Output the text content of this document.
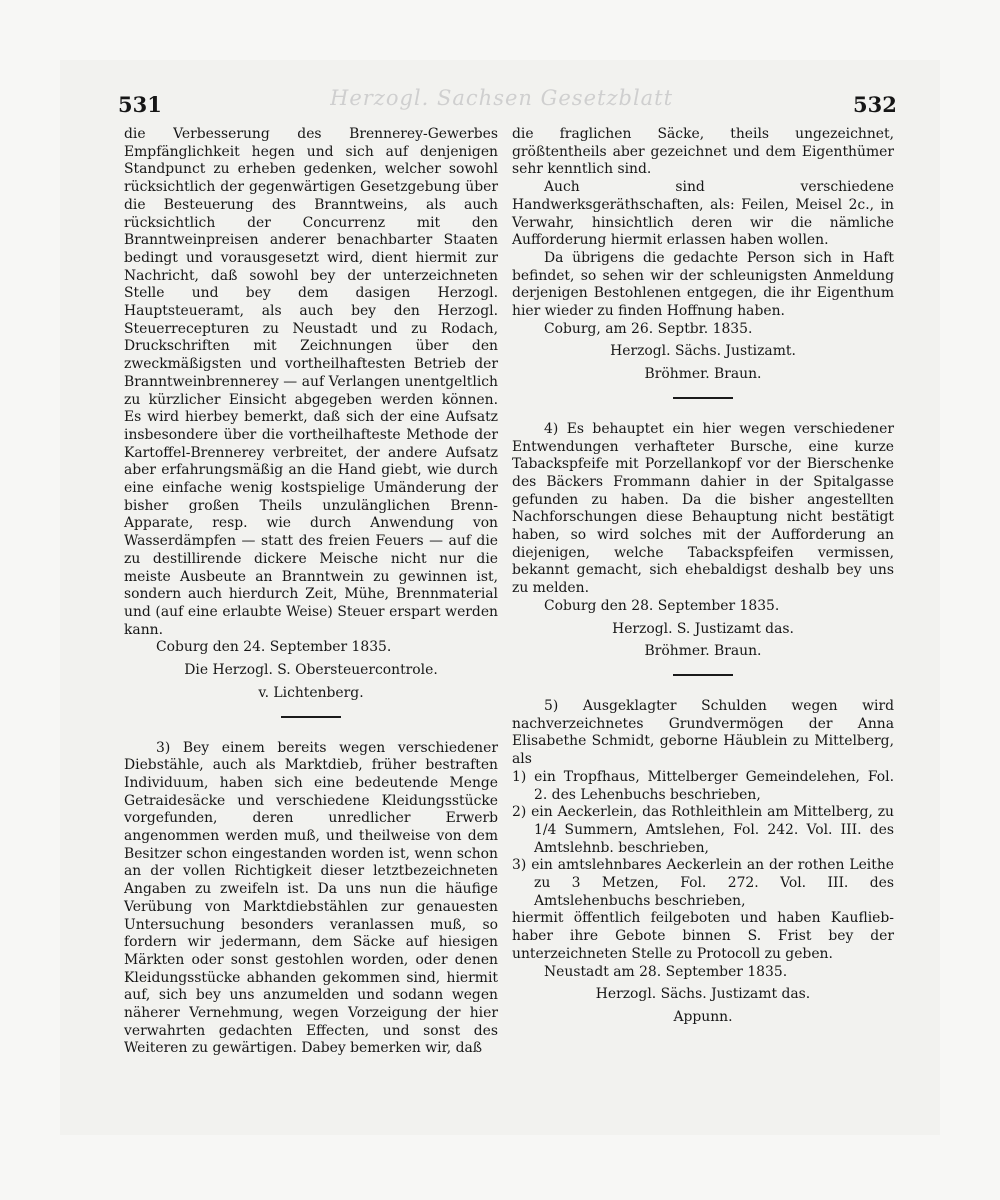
531	Herzogl. Sachsen Gesetzblatt	532

die Verbesserung des Brennerey-Gewerbes Empfänglichkeit hegen und sich auf denjenigen Standpunct zu erheben gedenken, welcher sowohl rücksichtlich der gegenwärtigen Gesetzgebung über die Besteuerung des Branntweins, als auch rücksichtlich der Concurrenz mit den Branntweinpreisen anderer benachbarter Staaten bedingt und vorausgesetzt wird, dient hiermit zur Nachricht, daß sowohl bey der unterzeichneten Stelle und bey dem dasigen Herzogl. Hauptsteueramt, als auch bey den Herzogl. Steuerrecepturen zu Neustadt und zu Rodach, Druckschriften mit Zeichnungen über den zweckmäßigsten und vortheilhaftesten Betrieb der Branntweinbrennerey — auf Verlangen unentgeltlich zu kürzlicher Einsicht abgegeben werden können. Es wird hierbey bemerkt, daß sich der eine Aufsatz insbesondere über die vortheilhafteste Methode der Kartoffel-Brennerey verbreitet, der andere Aufsatz aber erfahrungsmäßig an die Hand giebt, wie durch eine einfache wenig kostspielige Umänderung der bisher großen Theils unzulänglichen Brenn-Apparate, resp. wie durch Anwendung von Wasserdämpfen — statt des freien Feuers — auf die zu destillirende dickere Meische nicht nur die meiste Ausbeute an Branntwein zu gewinnen ist, sondern auch hierdurch Zeit, Mühe, Brennmaterial und (auf eine erlaubte Weise) Steuer erspart werden kann.

Coburg den 24. September 1835.

Die Herzogl. S. Obersteuercontrole.

v. Lichtenberg.

3) Bey einem bereits wegen verschiedener Diebstähle, auch als Marktdieb, früher bestraften Individuum, haben sich eine bedeutende Menge Getraidesäcke und verschiedene Kleidungsstücke vorgefunden, deren unredlicher Erwerb angenommen werden muß, und theilweise von dem Besitzer schon eingestanden worden ist, wenn schon an der vollen Richtigkeit dieser letztbezeichneten Angaben zu zweifeln ist. Da uns nun die häufige Verübung von Marktdiebstählen zur genauesten Untersuchung besonders veranlassen muß, so fordern wir jedermann, dem Säcke auf hiesigen Märkten oder sonst gestohlen worden, oder denen Kleidungsstücke abhanden gekommen sind, hiermit auf, sich bey uns anzumelden und sodann wegen näherer Vernehmung, wegen Vorzeigung der hier verwahrten gedachten Effecten, und sonst des Weiteren zu gewärtigen. Dabey bemerken wir, daß

die fraglichen Säcke, theils ungezeichnet, größtentheils aber gezeichnet und dem Eigenthümer sehr kenntlich sind.

Auch sind verschiedene Handwerksgeräthschaften, als: Feilen, Meisel 2c., in Verwahr, hinsichtlich deren wir die nämliche Aufforderung hiermit erlassen haben wollen.

Da übrigens die gedachte Person sich in Haft befindet, so sehen wir der schleunigsten Anmeldung derjenigen Bestohlenen entgegen, die ihr Eigenthum hier wieder zu finden Hoffnung haben.

Coburg, am 26. Septbr. 1835.

Herzogl. Sächs. Justizamt.

Bröhmer. Braun.

4) Es behauptet ein hier wegen verschiedener Entwendungen verhafteter Bursche, eine kurze Tabackspfeife mit Porzellankopf vor der Bierschenke des Bäckers Frommann dahier in der Spitalgasse gefunden zu haben. Da die bisher angestellten Nachforschungen diese Behauptung nicht bestätigt haben, so wird solches mit der Aufforderung an diejenigen, welche Tabackspfeifen vermissen, bekannt gemacht, sich ehebaldigst deshalb bey uns zu melden.

Coburg den 28. September 1835.

Herzogl. S. Justizamt das.

Bröhmer. Braun.

5) Ausgeklagter Schulden wegen wird nachverzeichnetes Grundvermögen der Anna Elisabethe Schmidt, geborne Häublein zu Mittelberg, als

1) ein Tropfhaus, Mittelberger Gemeindelehen, Fol. 2. des Lehenbuchs beschrieben,

2) ein Aeckerlein, das Rothleithlein am Mittelberg, zu 1/4 Summern, Amtslehen, Fol. 242. Vol. III. des Amtslehnb. beschrieben,

3) ein amtslehnbares Aeckerlein an der rothen Leithe zu 3 Metzen, Fol. 272. Vol. III. des Amtslehenbuchs beschrieben,

hiermit öffentlich feilgeboten und haben Kauflieb-haber ihre Gebote binnen S. Frist bey der unterzeichneten Stelle zu Protocoll zu geben.

Neustadt am 28. September 1835.

Herzogl. Sächs. Justizamt das.

Appunn.
